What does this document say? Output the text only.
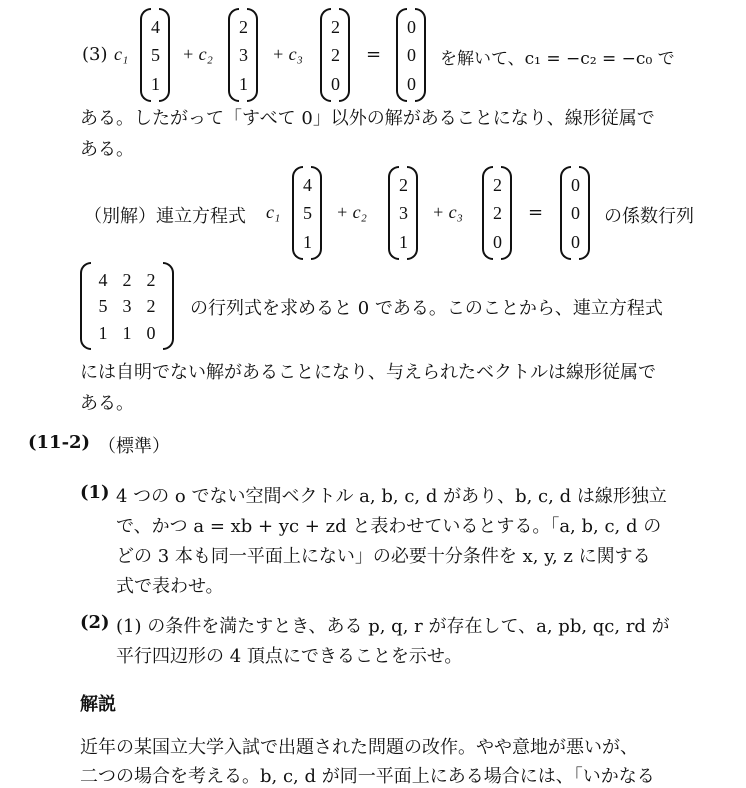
(3) c₁
4
5
1
+ c₂
2
3
1
+ c₃
2
2
0
=
0
0
0
を解いて、c₁ = −c₂ = −c₀ で
ある。したがって「すべて 0」以外の解があることになり、線形従属で
ある。
（別解）連立方程式 c₁
4
5
1
+ c₂
2
3
1
+ c₃
2
2
0
=
0
0
0
の係数行列
4 2 2
5 3 2
1 1 0
の行列式を求めると 0 である。このことから、連立方程式
には自明でない解があることになり、与えられたベクトルは線形従属で
ある。
(11-2) （標準）
(1) 4 つの o でない空間ベクトル a, b, c, d があり、b, c, d は線形独立
で、かつ a = xb + yc + zd と表わせているとする。「a, b, c, d の
どの 3 本も同一平面上にない」の必要十分条件を x, y, z に関する
式で表わせ。
(2) (1) の条件を満たすとき、ある p, q, r が存在して、a, pb, qc, rd が
平行四辺形の 4 頂点にできることを示せ。
解説
近年の某国立大学入試で出題された問題の改作。やや意地が悪いが、
二つの場合を考える。b, c, d が同一平面上にある場合には、「いかなる
